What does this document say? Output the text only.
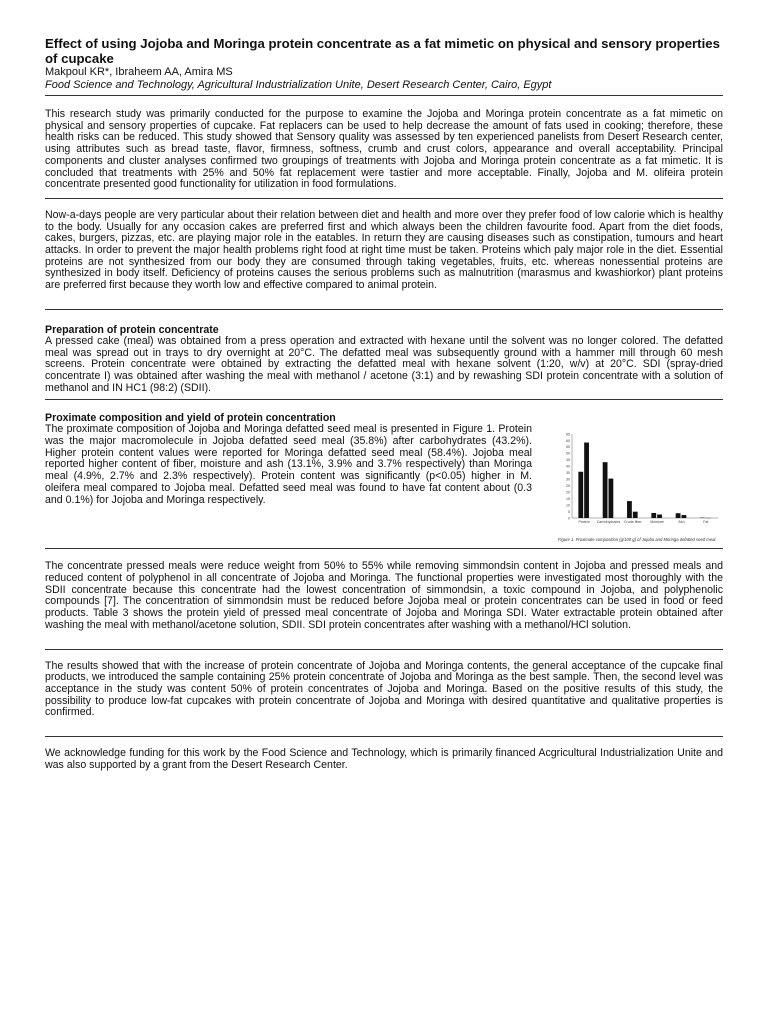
Effect of using Jojoba and Moringa protein concentrate as a fat mimetic on physical and sensory properties of cupcake

Makpoul KR*, Ibraheem AA, Amira MS

Food Science and Technology, Agricultural Industrialization Unite, Desert Research Center, Cairo, Egypt

This research study was primarily conducted for the purpose to examine the Jojoba and Moringa protein concentrate as a fat mimetic on physical and sensory properties of cupcake. Fat replacers can be used to help decrease the amount of fats used in cooking; therefore, these health risks can be reduced. This study showed that Sensory quality was assessed by ten experienced panelists from Desert Research center, using attributes such as bread taste, flavor, firmness, softness, crumb and crust colors, appearance and overall acceptability. Principal components and cluster analyses confirmed two groupings of treatments with Jojoba and Moringa protein concentrate as a fat mimetic. It is concluded that treatments with 25% and 50% fat replacement were tastier and more acceptable. Finally, Jojoba and M. olifeira protein concentrate presented good functionality for utilization in food formulations.

Now-a-days people are very particular about their relation between diet and health and more over they prefer food of low calorie which is healthy to the body. Usually for any occasion cakes are preferred first and which always been the children favourite food. Apart from the diet foods, cakes, burgers, pizzas, etc. are playing major role in the eatables. In return they are causing diseases such as constipation, tumours and heart attacks. In order to prevent the major health problems right food at right time must be taken. Proteins which paly major role in the diet. Essential proteins are not synthesized from our body they are consumed through taking vegetables, fruits, etc. whereas nonessential proteins are synthesized in body itself. Deficiency of proteins causes the serious problems such as malnutrition (marasmus and kwashiorkor) plant proteins are preferred first because they worth low and effective compared to animal protein.

Preparation of protein concentrate

A pressed cake (meal) was obtained from a press operation and extracted with hexane until the solvent was no longer colored. The defatted meal was spread out in trays to dry overnight at 20°C. The defatted meal was subsequently ground with a hammer mill through 60 mesh screens. Protein concentrate were obtained by extracting the defatted meal with hexane solvent (1:20, w/v) at 20°C. SDI (spray-dried concentrate I) was obtained after washing the meal with methanol / acetone (3:1) and by rewashing SDI protein concentrate with a solution of methanol and IN HC1 (98:2) (SDII).

Proximate composition and yield of protein concentration

The proximate composition of Jojoba and Moringa defatted seed meal is presented in Figure 1. Protein was the major macromolecule in Jojoba defatted seed meal (35.8%) after carbohydrates (43.2%). Higher protein content values were reported for Moringa defatted seed meal (58.4%). Jojoba meal reported higher content of fiber, moisture and ash (13.1%, 3.9% and 3.7% respectively) than Moringa meal (4.9%, 2.7% and 2.3% respectively). Protein content was significantly (p<0.05) higher in M. oleifera meal compared to Jojoba meal. Defatted seed meal was found to have fat content about (0.3 and 0.1%) for Jojoba and Moringa respectively.

0
5
10
15
20
25
30
35
40
45
50
55
60
65
Protein Carbohydrates Crude fiber Moisture	Ash	Fat
Figure 1. Proximate composition (g/100 g) of Jojoba and Moringa defatted seed meal.

The concentrate pressed meals were reduce weight from 50% to 55% while removing simmondsin content in Jojoba and pressed meals and reduced content of polyphenol in all concentrate of Jojoba and Moringa. The functional properties were investigated most thoroughly with the SDII concentrate because this concentrate had the lowest concentration of simmondsin, a toxic compound in Jojoba, and polyphenolic compounds [7]. The concentration of simmondsin must be reduced before Jojoba meal or protein concentrates can be used in food or feed products. Table 3 shows the protein yield of pressed meal concentrate of Jojoba and Moringa SDI. Water extractable protein obtained after washing the meal with methanol/acetone solution, SDII. SDI protein concentrates after washing with a methanol/HCl solution.

The results showed that with the increase of protein concentrate of Jojoba and Moringa contents, the general acceptance of the cupcake final products, we introduced the sample containing 25% protein concentrate of Jojoba and Moringa as the best sample. Then, the second level was acceptance in the study was content 50% of protein concentrates of Jojoba and Moringa. Based on the positive results of this study, the possibility to produce low-fat cupcakes with protein concentrate of Jojoba and Moringa with desired quantitative and qualitative properties is confirmed.

We acknowledge funding for this work by the Food Science and Technology, which is primarily financed Acgricultural Industrialization Unite and was also supported by a grant from the Desert Research Center.
